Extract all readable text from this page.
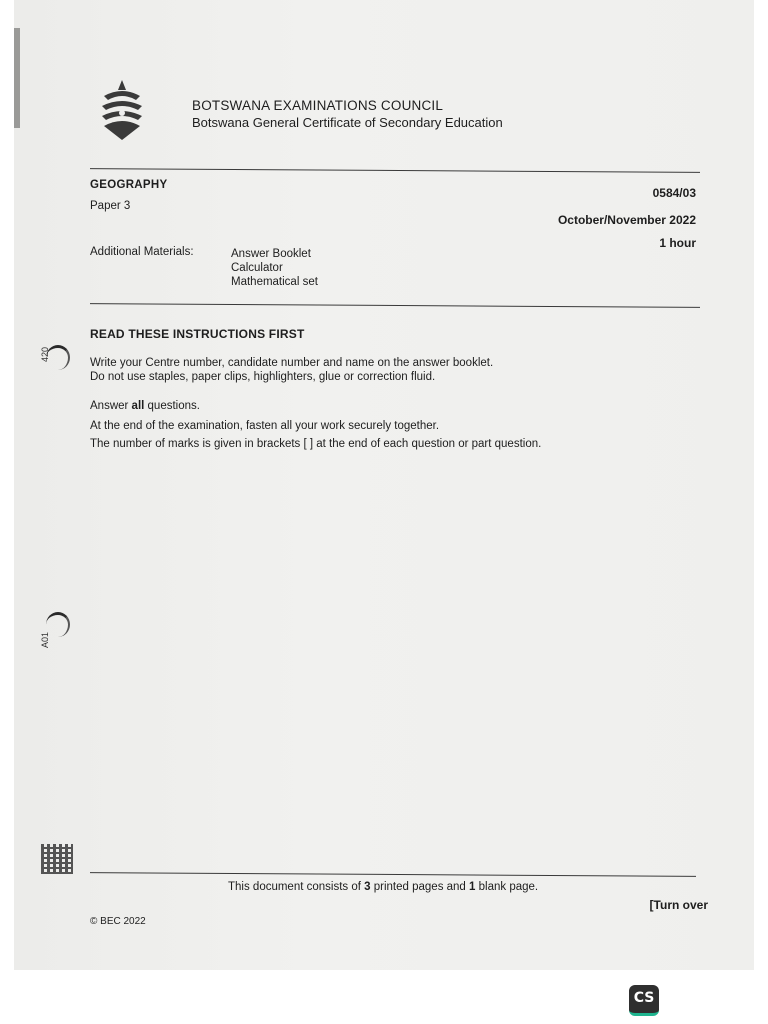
BOTSWANA EXAMINATIONS COUNCIL
Botswana General Certificate of Secondary Education
GEOGRAPHY
Paper 3
0584/03
October/November 2022
1 hour
Additional Materials:	Answer Booklet
Calculator
Mathematical set
READ THESE INSTRUCTIONS FIRST
Write your Centre number, candidate number and name on the answer booklet.
Do not use staples, paper clips, highlighters, glue or correction fluid.
Answer all questions.
At the end of the examination, fasten all your work securely together.
The number of marks is given in brackets [ ] at the end of each question or part question.
420
A01
This document consists of 3 printed pages and 1 blank page.
[Turn over
© BEC 2022
CS
